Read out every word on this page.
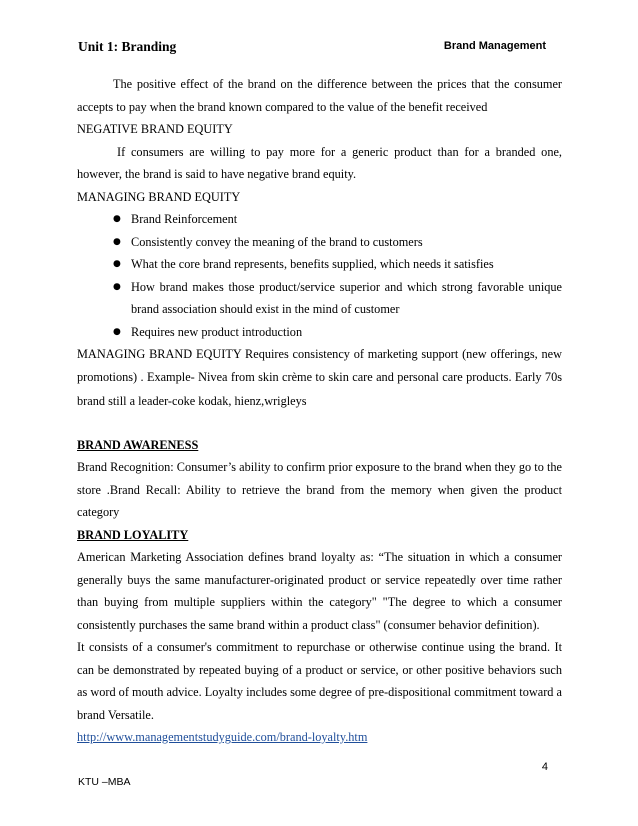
Unit 1: Branding	Brand Management

The positive effect of the brand on the difference between the prices that the consumer accepts to pay when the brand known compared to the value of the benefit received

NEGATIVE BRAND EQUITY

If consumers are willing to pay more for a generic product than for a branded one, however, the brand is said to have negative brand equity.

MANAGING BRAND EQUITY

● Brand Reinforcement
● Consistently convey the meaning of the brand to customers
● What the core brand represents, benefits supplied, which needs it satisfies
● How brand makes those product/service superior and which strong favorable unique brand association should exist in the mind of customer
● Requires new product introduction

MANAGING BRAND EQUITY Requires consistency of marketing support (new offerings, new promotions) . Example- Nivea from skin crème to skin care and personal care products. Early 70s brand still a leader-coke kodak, hienz,wrigleys

BRAND AWARENESS

Brand Recognition: Consumer’s ability to confirm prior exposure to the brand when they go to the store .Brand Recall: Ability to retrieve the brand from the memory when given the product category

BRAND LOYALITY

American Marketing Association defines brand loyalty as: “The situation in which a consumer generally buys the same manufacturer-originated product or service repeatedly over time rather than buying from multiple suppliers within the category" "The degree to which a consumer consistently purchases the same brand within a product class" (consumer behavior definition).

It consists of a consumer's commitment to repurchase or otherwise continue using the brand. It can be demonstrated by repeated buying of a product or service, or other positive behaviors such as word of mouth advice. Loyalty includes some degree of pre-dispositional commitment toward a brand Versatile.

http://www.managementstudyguide.com/brand-loyalty.htm

4
KTU –MBA
